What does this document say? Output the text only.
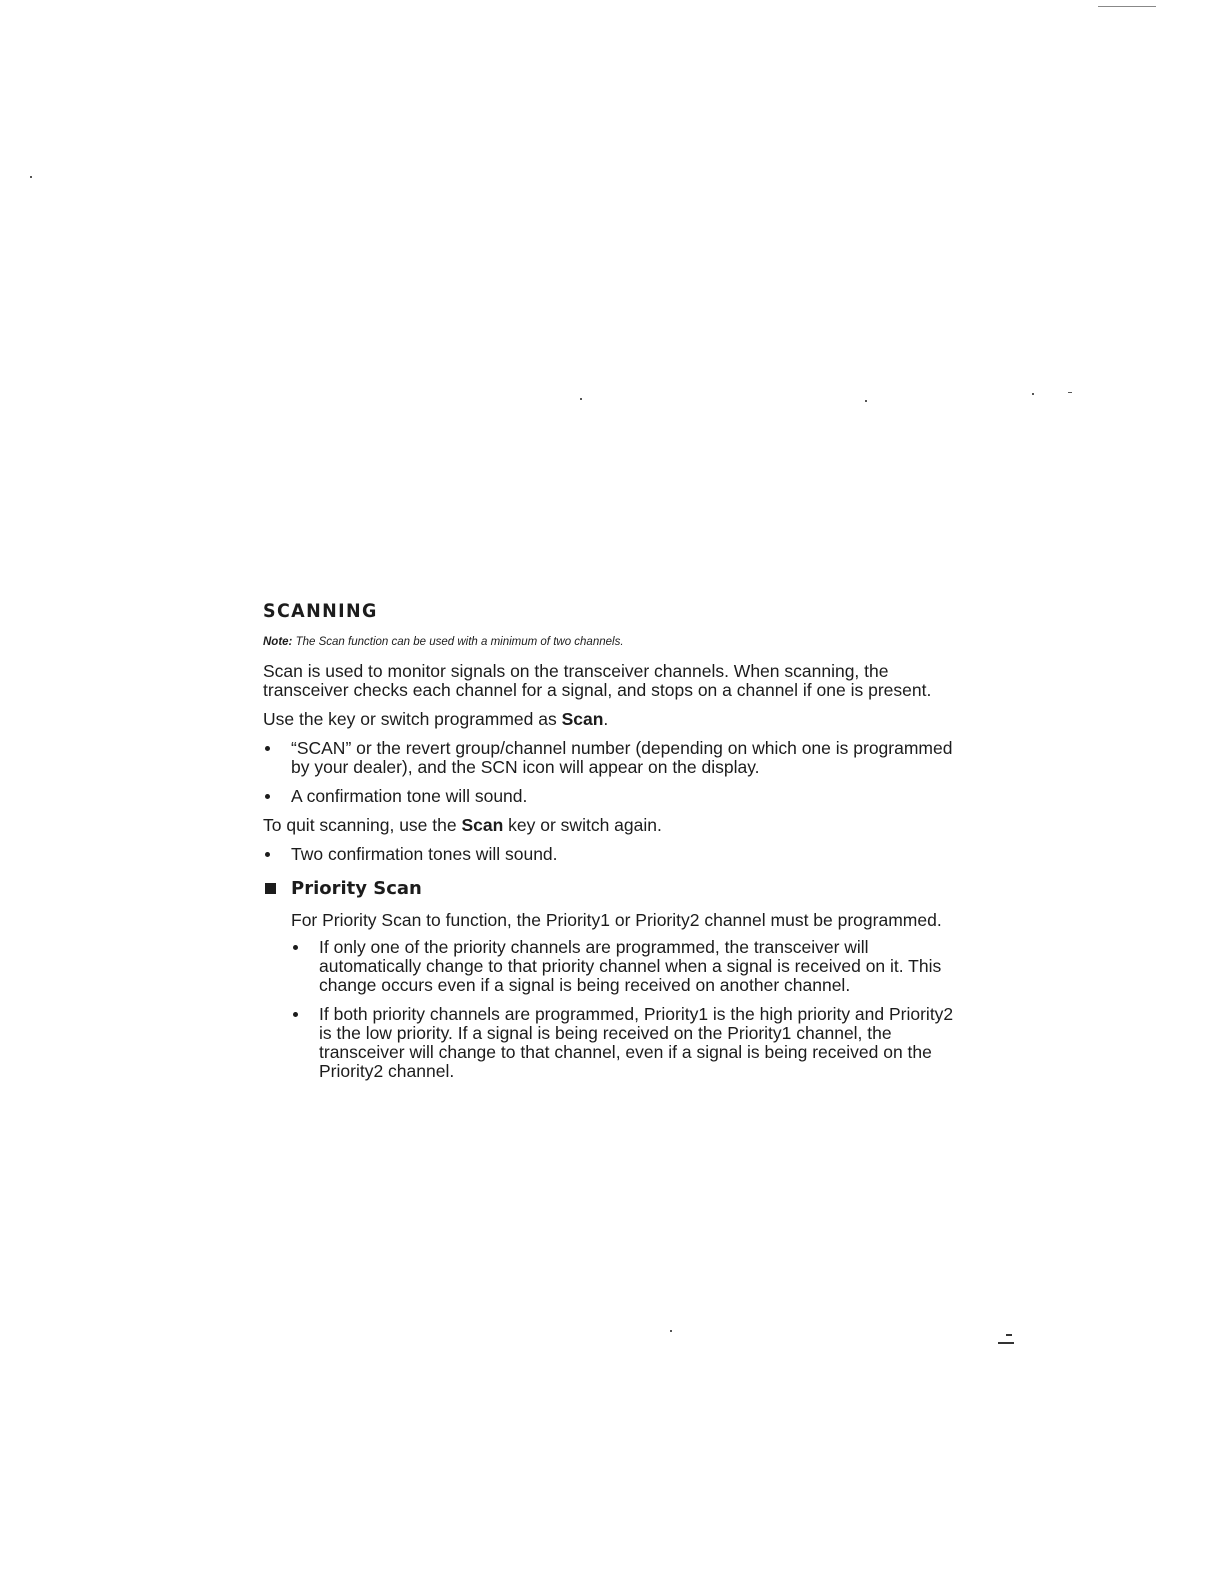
SCANNING
Note: The Scan function can be used with a minimum of two channels.

Scan is used to monitor signals on the transceiver channels. When scanning, the transceiver checks each channel for a signal, and stops on a channel if one is present.

Use the key or switch programmed as Scan.

“SCAN” or the revert group/channel number (depending on which one is programmed by your dealer), and the SCN icon will appear on the display.
A confirmation tone will sound.

To quit scanning, use the Scan key or switch again.

Two confirmation tones will sound.
Priority Scan

For Priority Scan to function, the Priority1 or Priority2 channel must be programmed.

If only one of the priority channels are programmed, the transceiver will automatically change to that priority channel when a signal is received on it. This change occurs even if a signal is being received on another channel.
If both priority channels are programmed, Priority1 is the high priority and Priority2 is the low priority. If a signal is being received on the Priority1 channel, the transceiver will change to that channel, even if a signal is being received on the Priority2 channel.
